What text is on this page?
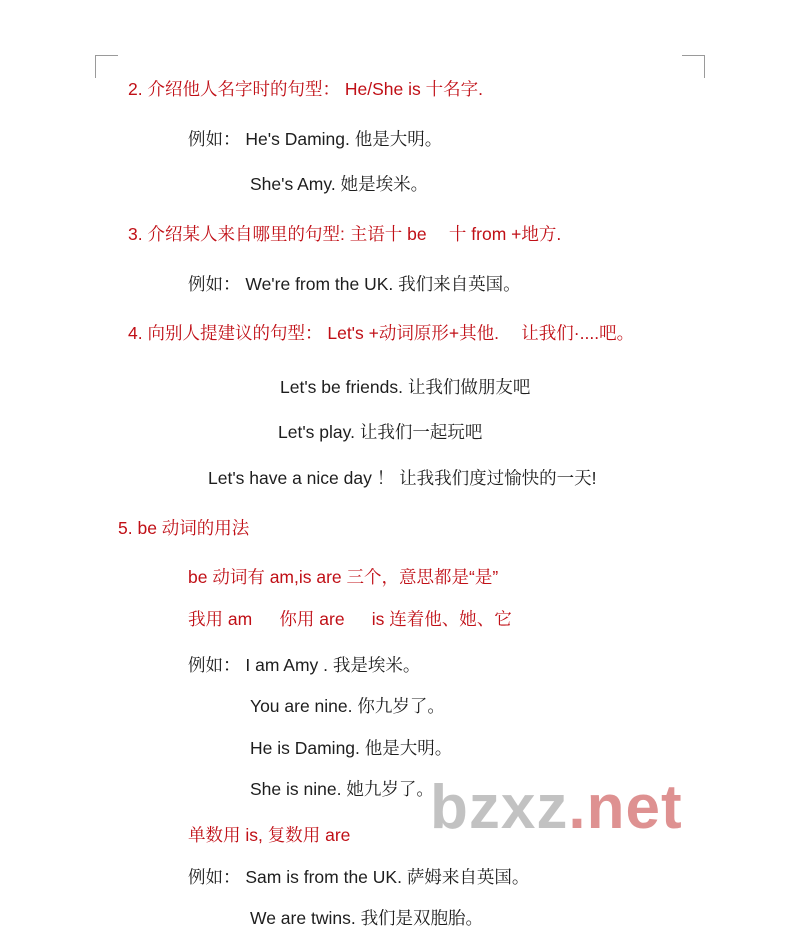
2. 介绍他人名字时的句型： He/She is 十名字.
例如： He's Daming. 他是大明。
She's Amy. 她是埃米。
3. 介绍某人来自哪里的句型: 主语十 be 　十 from +地方.
例如： We're from the UK. 我们来自英国。
4. 向别人提建议的句型： Let's +动词原形+其他.　 让我们·....吧。
Let's be friends. 让我们做朋友吧
Let's play. 让我们一起玩吧
Let's have a nice day ！ 让我我们度过愉快的一天!
5. be 动词的用法
be 动词有 am,is are 三个，意思都是“是”
我用 am 　 你用 are 　 is 连着他、她、它
例如： I am Amy . 我是埃米。
You are nine. 你九岁了。
He is Daming. 他是大明。
She is nine. 她九岁了。
单数用 is, 复数用 are
例如： Sam is from the UK. 萨姆来自英国。
We are twins. 我们是双胞胎。
bzxz.net
